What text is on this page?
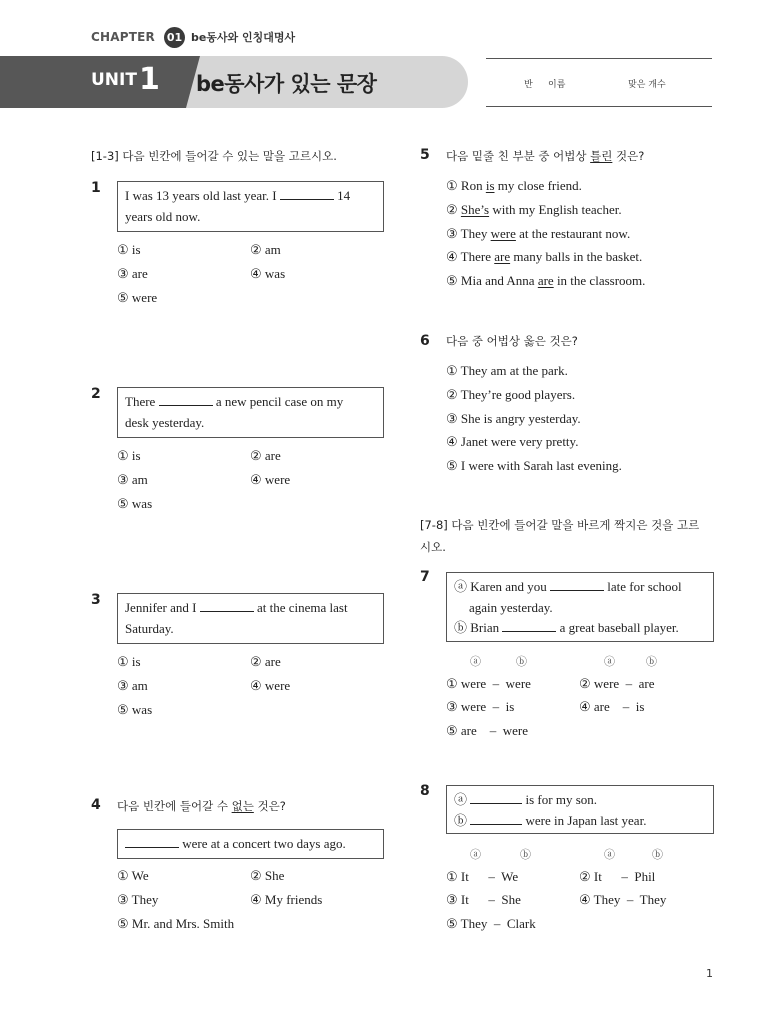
CHAPTER 01 be동사와 인칭대명사
UNIT 1 be동사가 있는 문장	반 이름	맞은 개수
[1-3] 다음 빈칸에 들어갈 수 있는 말을 고르시오.
1	I was 13 years old last year. I	14
years old now.
① is	② am
③ are	④ was
⑤ were
2	There	a new pencil case on my
desk yesterday.
① is	② are
③ am	④ were
⑤ was
3	Jennifer and I	at the cinema last
Saturday.
① is	② are
③ am	④ were
⑤ was
4 다음 빈칸에 들어갈 수 없는 것은?
were at a concert two days ago.
① We	② She
③ They	④ My friends
⑤ Mr. and Mrs. Smith
5 다음 밑줄 친 부분 중 어법상 틀린 것은?
① Ron is my close friend.
② She’s with my English teacher.
③ They were at the restaurant now.
④ There are many balls in the basket.
⑤ Mia and Anna are in the classroom.
6 다음 중 어법상 옳은 것은?
① They am at the park.
② They’re good players.
③ She is angry yesterday.
④ Janet were very pretty.
⑤ I were with Sarah last evening.
[7-8] 다음 빈칸에 들어갈 말을 바르게 짝지은 것을 고르
시오.
7
ⓐ Karen and you	late for school
again yesterday.
ⓑ Brian	a great baseball player.
ⓐ	ⓑ	ⓐ	ⓑ
① were  –  were	② were  –  are
③ were  –  is	④ are    –  is
⑤ are    –  were
8
ⓐ	is for my son.
ⓑ	were in Japan last year.
ⓐ	ⓑ	ⓐ	ⓑ
① It      –  We	② It      –  Phil
③ It      –  She	④ They  –  They
⑤ They  –  Clark
1
